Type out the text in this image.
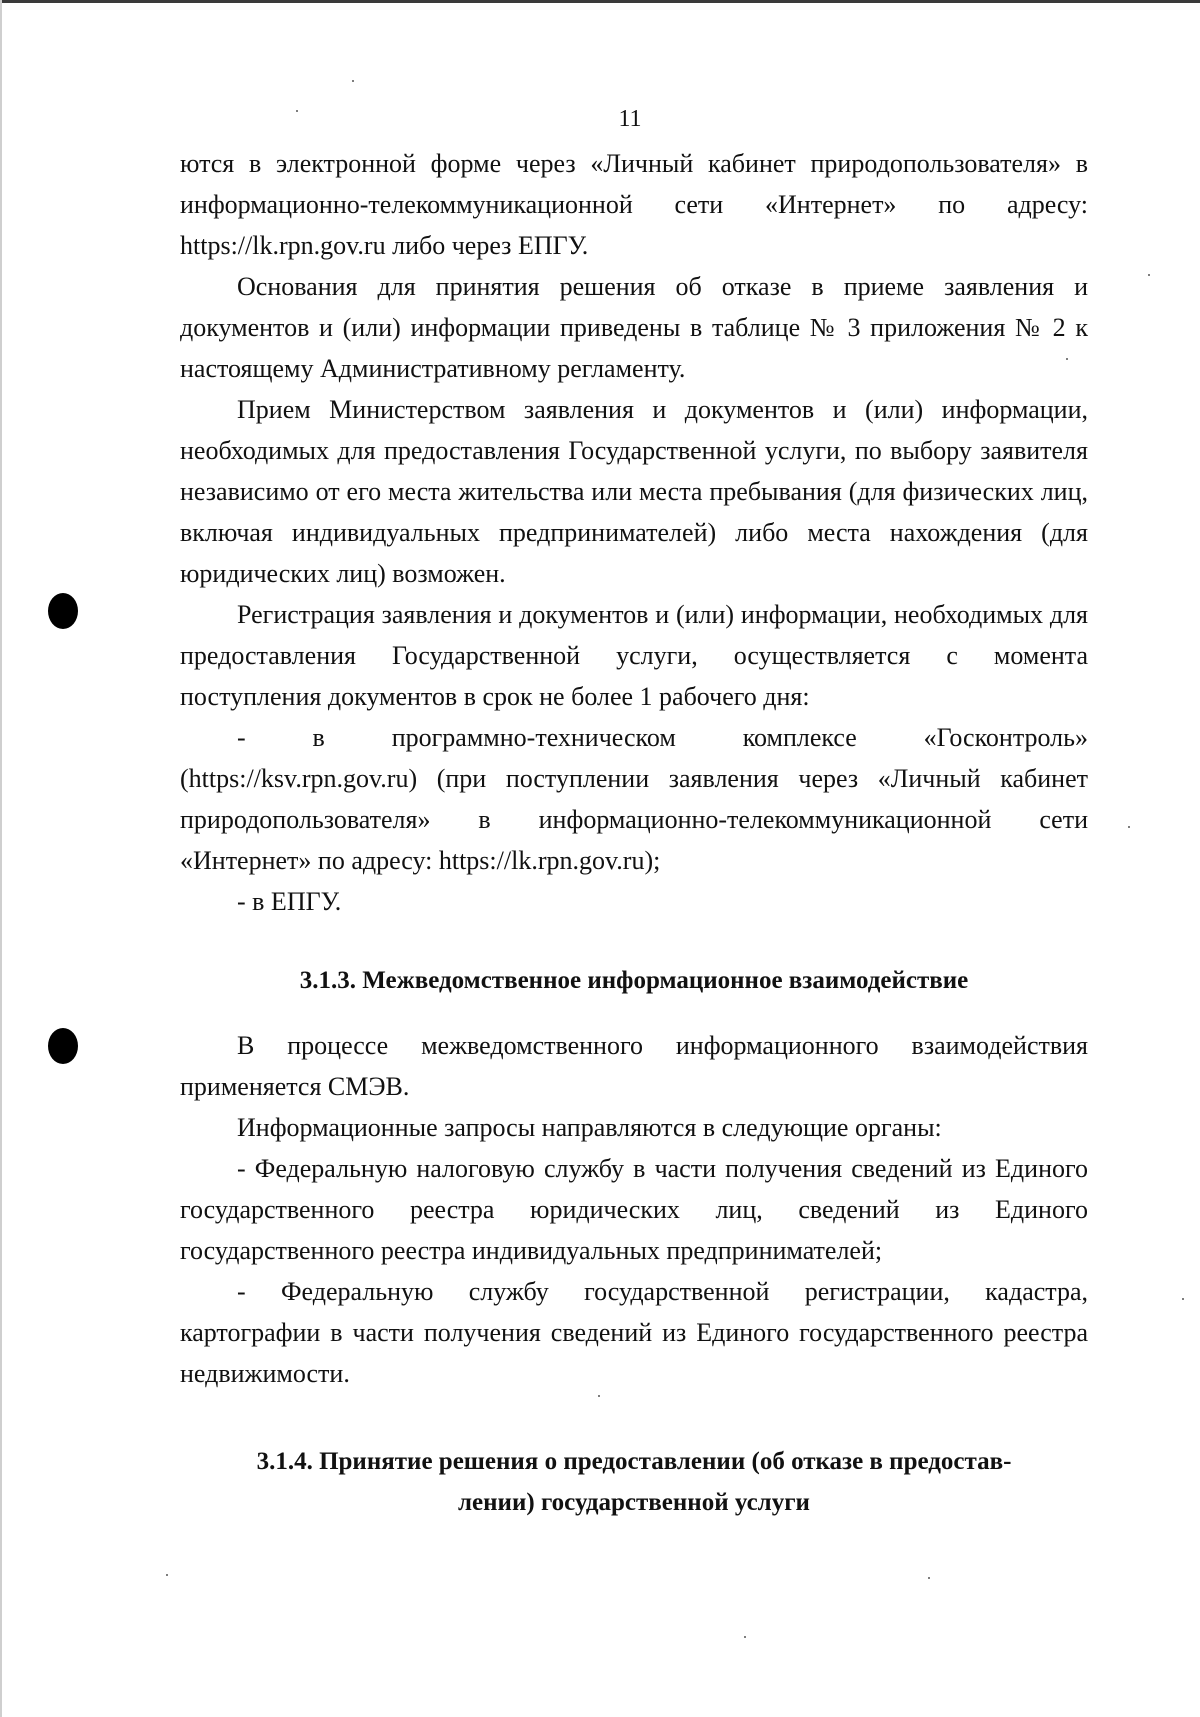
11

ются в электронной форме через «Личный кабинет природопользователя» в информационно-телекоммуникационной сети «Интернет» по адресу: https://lk.rpn.gov.ru либо через ЕПГУ.

Основания для принятия решения об отказе в приеме заявления и документов и (или) информации приведены в таблице № 3 приложения № 2 к настоящему Административному регламенту.

Прием Министерством заявления и документов и (или) информации, необходимых для предоставления Государственной услуги, по выбору заявителя независимо от его места жительства или места пребывания (для физических лиц, включая индивидуальных предпринимателей) либо места нахождения (для юридических лиц) возможен.

Регистрация заявления и документов и (или) информации, необходимых для предоставления Государственной услуги, осуществляется с момента поступления документов в срок не более 1 рабочего дня:

- в программно-техническом комплексе «Госконтроль» (https://ksv.rpn.gov.ru) (при поступлении заявления через «Личный кабинет природопользователя» в информационно-телекоммуникационной сети «Интернет» по адресу: https://lk.rpn.gov.ru);

- в ЕПГУ.

3.1.3. Межведомственное информационное взаимодействие

В процессе межведомственного информационного взаимодействия применяется СМЭВ.

Информационные запросы направляются в следующие органы:

- Федеральную налоговую службу в части получения сведений из Единого государственного реестра юридических лиц, сведений из Единого государственного реестра индивидуальных предпринимателей;

- Федеральную службу государственной регистрации, кадастра, картографии в части получения сведений из Единого государственного реестра недвижимости.

3.1.4. Принятие решения о предоставлении (об отказе в предостав-

лении) государственной услуги
